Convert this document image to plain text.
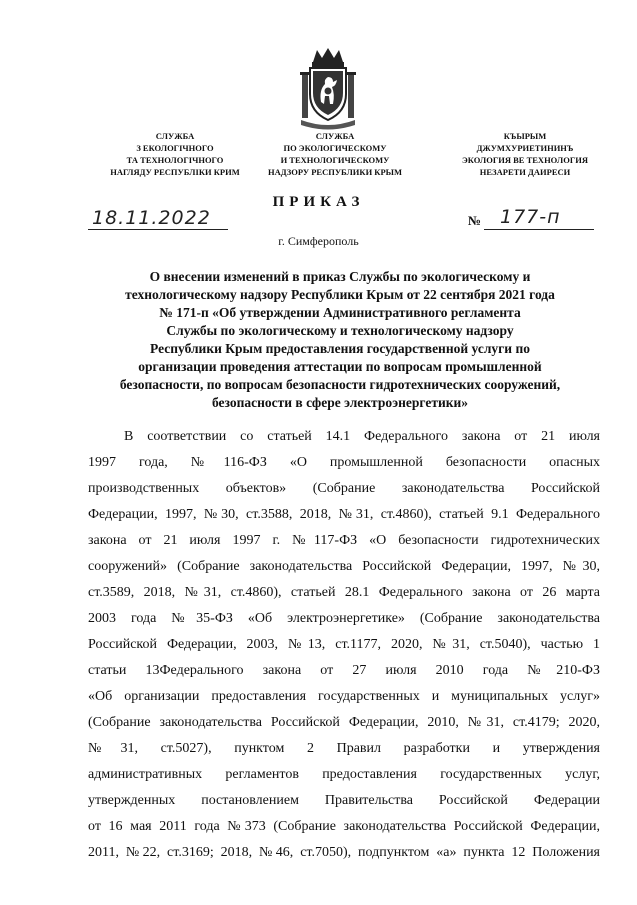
СЛУЖБА
З ЕКОЛОГІЧНОГО
ТА ТЕХНОЛОГІЧНОГО
НАГЛЯДУ РЕСПУБЛІКИ КРИМ
СЛУЖБА
ПО ЭКОЛОГИЧЕСКОМУ
И ТЕХНОЛОГИЧЕСКОМУ
НАДЗОРУ РЕСПУБЛИКИ КРЫМ
КЪЫРЫМ
ДЖУМХУРИЕТИНИНЪ
ЭКОЛОГИЯ ВЕ ТЕХНОЛОГИЯ
НЕЗАРЕТИ ДАИРЕСИ
ПРИКАЗ
18.11.2022	№ 177-п
г. Симферополь
О внесении изменений в приказ Службы по экологическому и
технологическому надзору Республики Крым от 22 сентября 2021 года
№ 171-п «Об утверждении Административного регламента
Службы по экологическому и технологическому надзору
Республики Крым предоставления государственной услуги по
организации проведения аттестации по вопросам промышленной
безопасности, по вопросам безопасности гидротехнических сооружений,
безопасности в сфере электроэнергетики»
В соответствии со статьей 14.1 Федерального закона от 21 июля
1997 года, №116-ФЗ «О промышленной безопасности опасных
производственных объектов» (Собрание законодательства Российской
Федерации, 1997, №30, ст.3588, 2018, №31, ст.4860), статьей 9.1 Федерального
закона от 21 июля 1997 г. №117-ФЗ «О безопасности гидротехнических
сооружений» (Собрание законодательства Российской Федерации, 1997, №30,
ст.3589, 2018, №31, ст.4860), статьей 28.1 Федерального закона от 26 марта
2003 года №35-ФЗ «Об электроэнергетике» (Собрание законодательства
Российской Федерации, 2003, №13, ст.1177, 2020, №31, ст.5040), частью 1
статьи 13Федерального закона от 27 июля 2010 года №210-ФЗ
«Об организации предоставления государственных и муниципальных услуг»
(Собрание законодательства Российской Федерации, 2010, №31, ст.4179; 2020,
№31, ст.5027), пунктом 2 Правил разработки и утверждения
административных регламентов предоставления государственных услуг,
утвержденных постановлением Правительства Российской Федерации
от 16 мая 2011 года №373 (Собрание законодательства Российской Федерации,
2011, №22, ст.3169; 2018, №46, ст.7050), подпунктом «а» пункта 12 Положения
